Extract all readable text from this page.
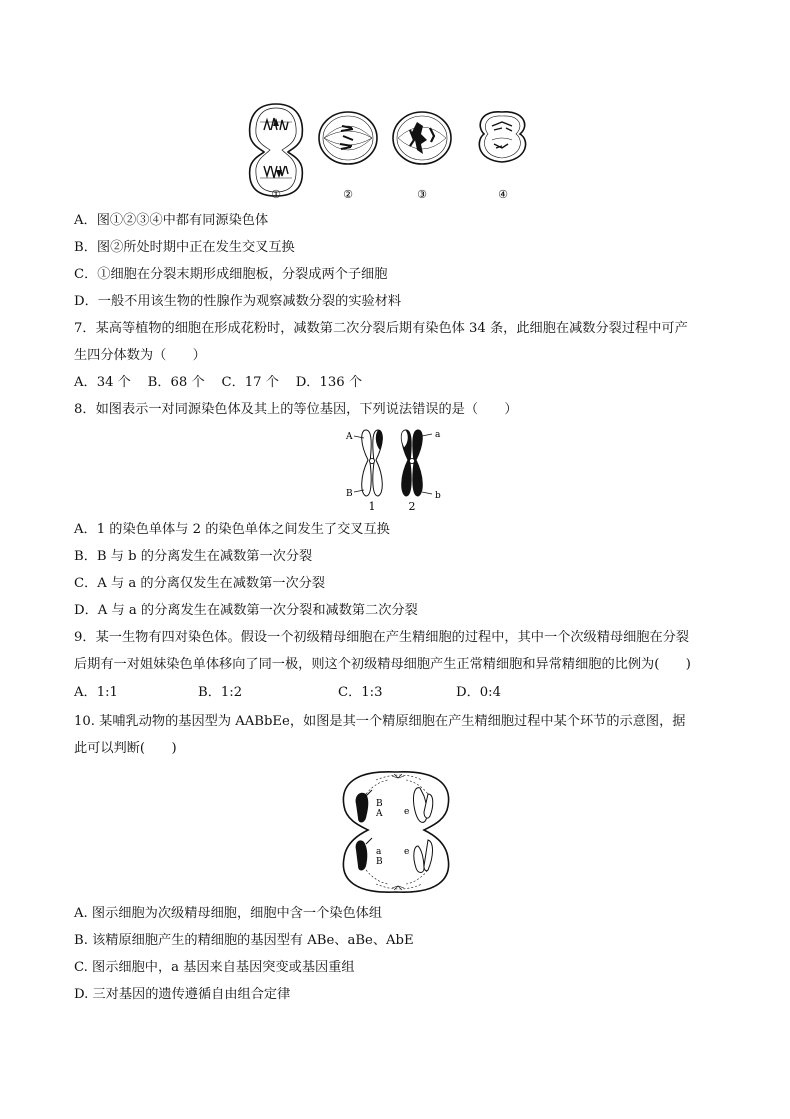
①	②	③	④
A．图①②③④中都有同源染色体
B．图②所处时期中正在发生交叉互换
C．①细胞在分裂末期形成细胞板，分裂成两个子细胞
D．一般不用该生物的性腺作为观察减数分裂的实验材料
7．某高等植物的细胞在形成花粉时，减数第二次分裂后期有染色体 34 条，此细胞在减数分裂过程中可产
生四分体数为（　　）
A．34 个 B．68 个 C．17 个 D．136 个
8．如图表示一对同源染色体及其上的等位基因，下列说法错误的是（　　）
A
B
a
b
1	2
A．1 的染色单体与 2 的染色单体之间发生了交叉互换
B．B 与 b 的分离发生在减数第一次分裂
C．A 与 a 的分离仅发生在减数第一次分裂
D．A 与 a 的分离发生在减数第一次分裂和减数第二次分裂
9．某一生物有四对染色体。假设一个初级精母细胞在产生精细胞的过程中，其中一个次级精母细胞在分裂
后期有一对姐妹染色单体移向了同一极，则这个初级精母细胞产生正常精细胞和异常精细胞的比例为(　　)
A．1:1	B．1:2	C．1:3	D．0:4
10. 某哺乳动物的基因型为 AABbEe，如图是其一个精原细胞在产生精细胞过程中某个环节的示意图，据
此可以判断(　　)
B
A e
a
B
e
A. 图示细胞为次级精母细胞，细胞中含一个染色体组
B. 该精原细胞产生的精细胞的基因型有 ABe、aBe、AbE
C. 图示细胞中，a 基因来自基因突变或基因重组
D. 三对基因的遗传遵循自由组合定律
